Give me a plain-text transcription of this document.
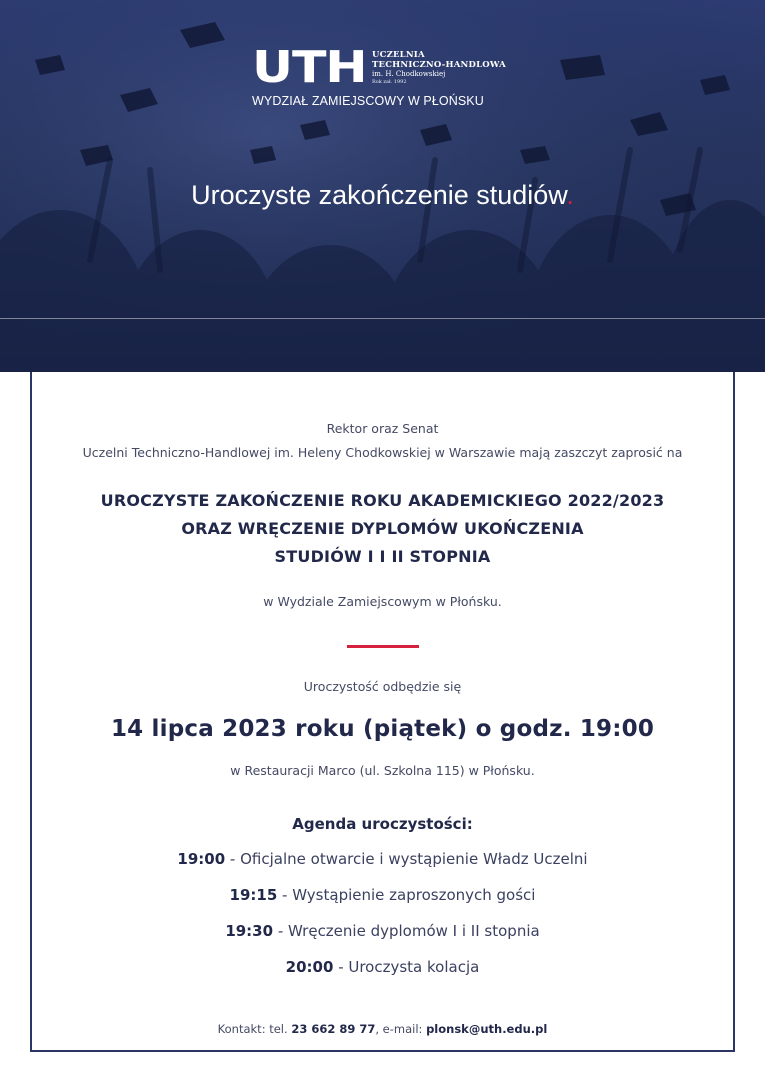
UTH UCZELNIA
TECHNICZNO-HANDLOWA
im. H. Chodkowskiej
Rok zał. 1992
WYDZIAŁ ZAMIEJSCOWY W PŁOŃSKU
Uroczyste zakończenie studiów.
Rektor oraz Senat
Uczelni Techniczno-Handlowej im. Heleny Chodkowskiej w Warszawie mają zaszczyt zaprosić na
UROCZYSTE ZAKOŃCZENIE ROKU AKADEMICKIEGO 2022/2023
ORAZ WRĘCZENIE DYPLOMÓW UKOŃCZENIA
STUDIÓW I I II STOPNIA
w Wydziale Zamiejscowym w Płońsku.
Uroczystość odbędzie się
14 lipca 2023 roku (piątek) o godz. 19:00
w Restauracji Marco (ul. Szkolna 115) w Płońsku.
Agenda uroczystości:
19:00 - Oficjalne otwarcie i wystąpienie Władz Uczelni
19:15 - Wystąpienie zaproszonych gości
19:30 - Wręczenie dyplomów I i II stopnia
20:00 - Uroczysta kolacja
Kontakt: tel. 23 662 89 77, e-mail: plonsk@uth.edu.pl
